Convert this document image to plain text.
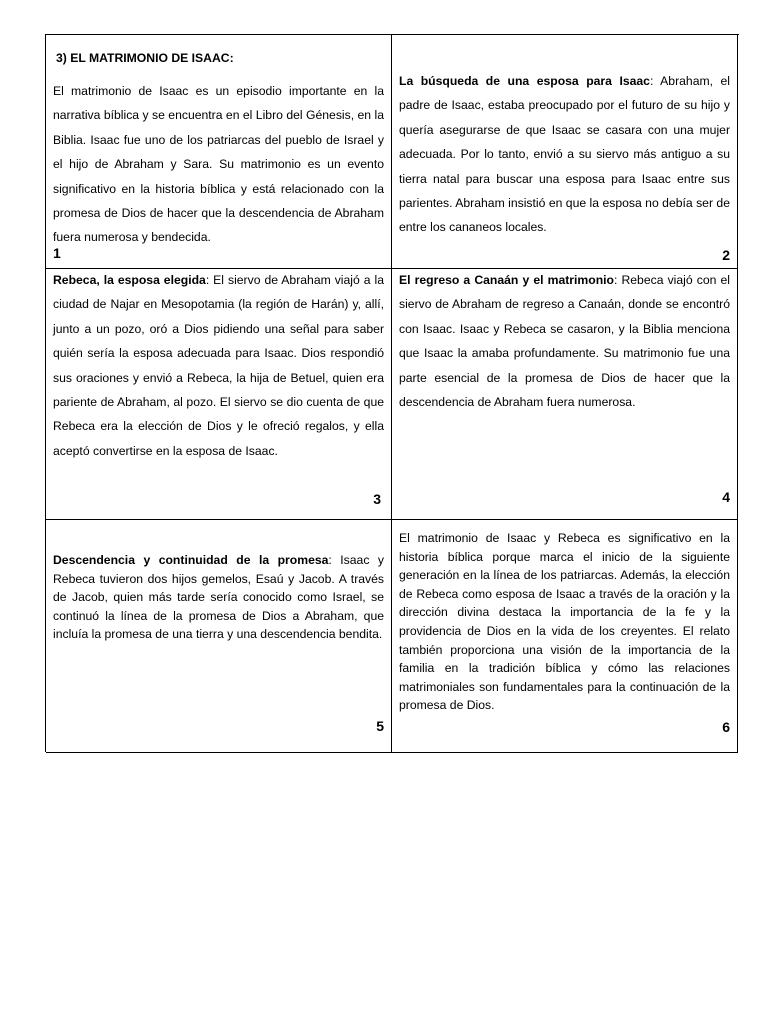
3) EL MATRIMONIO DE ISAAC:
El matrimonio de Isaac es un episodio importante en la narrativa bíblica y se encuentra en el Libro del Génesis, en la Biblia. Isaac fue uno de los patriarcas del pueblo de Israel y el hijo de Abraham y Sara. Su matrimonio es un evento significativo en la historia bíblica y está relacionado con la promesa de Dios de hacer que la descendencia de Abraham fuera numerosa y bendecida.
1
La búsqueda de una esposa para Isaac: Abraham, el padre de Isaac, estaba preocupado por el futuro de su hijo y quería asegurarse de que Isaac se casara con una mujer adecuada. Por lo tanto, envió a su siervo más antiguo a su tierra natal para buscar una esposa para Isaac entre sus parientes. Abraham insistió en que la esposa no debía ser de entre los cananeos locales.
2
Rebeca, la esposa elegida: El siervo de Abraham viajó a la ciudad de Najar en Mesopotamia (la región de Harán) y, allí, junto a un pozo, oró a Dios pidiendo una señal para saber quién sería la esposa adecuada para Isaac. Dios respondió sus oraciones y envió a Rebeca, la hija de Betuel, quien era pariente de Abraham, al pozo. El siervo se dio cuenta de que Rebeca era la elección de Dios y le ofreció regalos, y ella aceptó convertirse en la esposa de Isaac.
3
El regreso a Canaán y el matrimonio: Rebeca viajó con el siervo de Abraham de regreso a Canaán, donde se encontró con Isaac. Isaac y Rebeca se casaron, y la Biblia menciona que Isaac la amaba profundamente. Su matrimonio fue una parte esencial de la promesa de Dios de hacer que la descendencia de Abraham fuera numerosa.
4
Descendencia y continuidad de la promesa: Isaac y Rebeca tuvieron dos hijos gemelos, Esaú y Jacob. A través de Jacob, quien más tarde sería conocido como Israel, se continuó la línea de la promesa de Dios a Abraham, que incluía la promesa de una tierra y una descendencia bendita.
5
El matrimonio de Isaac y Rebeca es significativo en la historia bíblica porque marca el inicio de la siguiente generación en la línea de los patriarcas. Además, la elección de Rebeca como esposa de Isaac a través de la oración y la dirección divina destaca la importancia de la fe y la providencia de Dios en la vida de los creyentes. El relato también proporciona una visión de la importancia de la familia en la tradición bíblica y cómo las relaciones matrimoniales son fundamentales para la continuación de la promesa de Dios.
6
